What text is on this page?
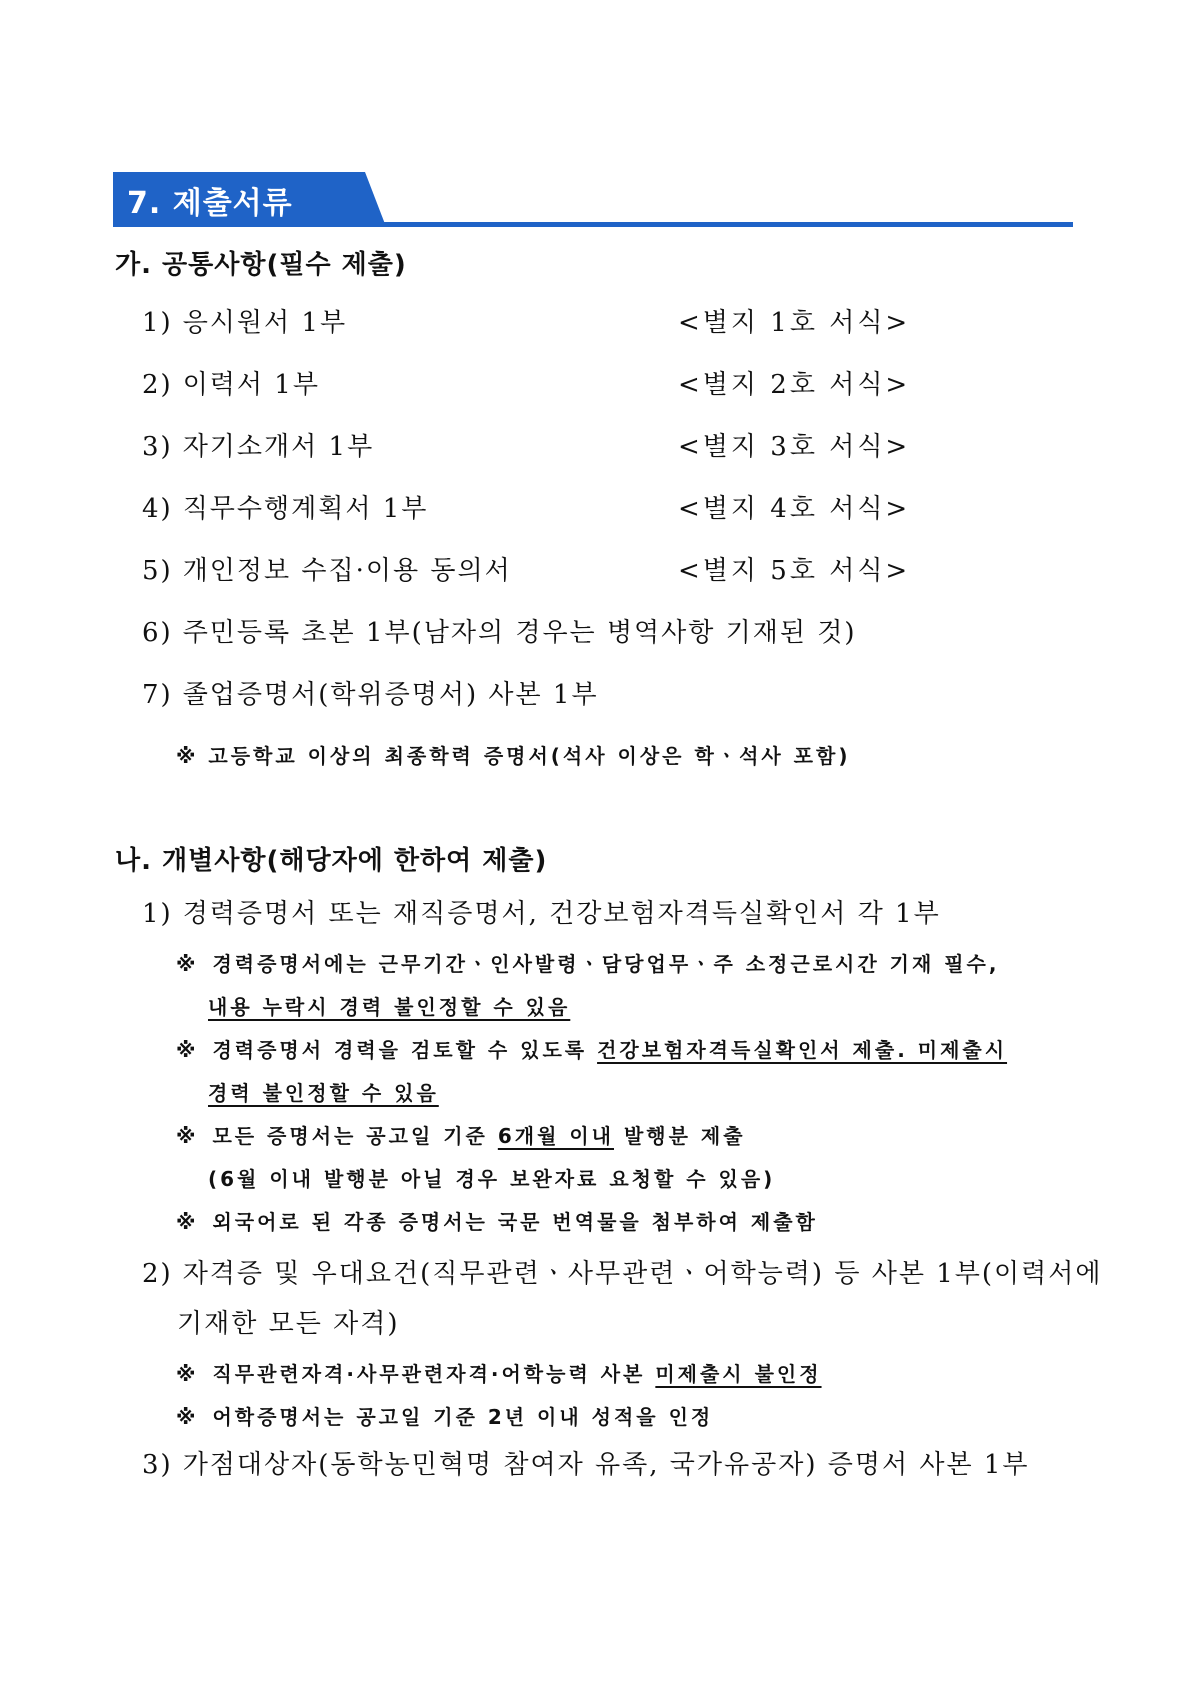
7. 제출서류
가. 공통사항(필수 제출)
1) 응시원서 1부	<별지 1호 서식>
2) 이력서 1부	<별지 2호 서식>
3) 자기소개서 1부	<별지 3호 서식>
4) 직무수행계획서 1부	<별지 4호 서식>
5) 개인정보 수집·이용 동의서	<별지 5호 서식>
6) 주민등록 초본 1부(남자의 경우는 병역사항 기재된 것)
7) 졸업증명서(학위증명서) 사본 1부
※ 고등학교 이상의 최종학력 증명서(석사 이상은 학ㆍ석사 포함)
나. 개별사항(해당자에 한하여 제출)
1) 경력증명서 또는 재직증명서, 건강보험자격득실확인서 각 1부
※ 경력증명서에는 근무기간ㆍ인사발령ㆍ담당업무ㆍ주 소정근로시간 기재 필수,
내용 누락시 경력 불인정할 수 있음
※ 경력증명서 경력을 검토할 수 있도록 건강보험자격득실확인서 제출. 미제출시
경력 불인정할 수 있음
※ 모든 증명서는 공고일 기준 6개월 이내 발행분 제출
(6월 이내 발행분 아닐 경우 보완자료 요청할 수 있음)
※ 외국어로 된 각종 증명서는 국문 번역물을 첨부하여 제출함
2) 자격증 및 우대요건(직무관련ㆍ사무관련ㆍ어학능력) 등 사본 1부(이력서에
기재한 모든 자격)
※ 직무관련자격·사무관련자격·어학능력 사본 미제출시 불인정
※ 어학증명서는 공고일 기준 2년 이내 성적을 인정
3) 가점대상자(동학농민혁명 참여자 유족, 국가유공자) 증명서 사본 1부
